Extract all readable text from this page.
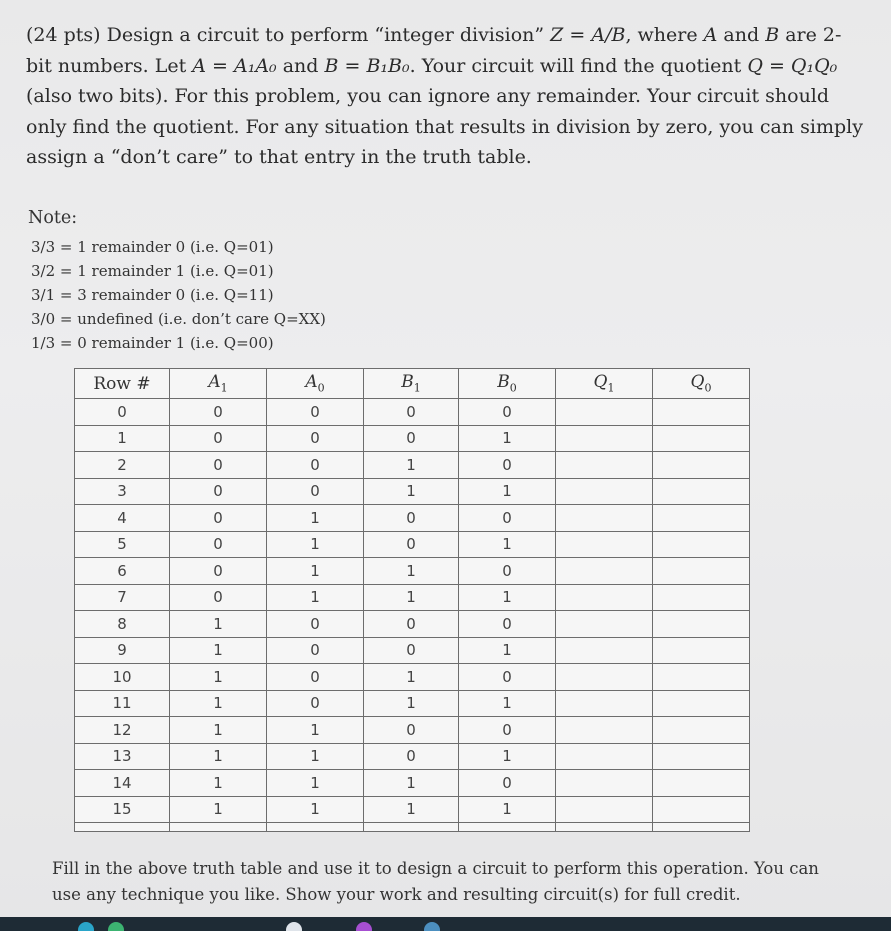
(24 pts) Design a circuit to perform “integer division” Z = A/B, where A and B are 2-bit numbers. Let A = A₁A₀ and B = B₁B₀. Your circuit will find the quotient Q = Q₁Q₀ (also two bits). For this problem, you can ignore any remainder. Your circuit should only find the quotient. For any situation that results in division by zero, you can simply assign a “don’t care” to that entry in the truth table.
Note:
3/3 = 1 remainder 0 (i.e. Q=01)
3/2 = 1 remainder 1 (i.e. Q=01)
3/1 = 3 remainder 0 (i.e. Q=11)
3/0 = undefined (i.e. don’t care Q=XX)
1/3 = 0 remainder 1 (i.e. Q=00)
Row #	$A_1$	$A_0$	$B_1$	$B_0$	$Q_1$	$Q_0$
0	0	0	0	0		
1	0	0	0	1		
2	0	0	1	0		
3	0	0	1	1		
4	0	1	0	0		
5	0	1	0	1		
6	0	1	1	0		
7	0	1	1	1		
8	1	0	0	0		
9	1	0	0	1		
10	1	0	1	0		
11	1	0	1	1		
12	1	1	0	0		
13	1	1	0	1		
14	1	1	1	0		
15	1	1	1	1		

Fill in the above truth table and use it to design a circuit to perform this operation. You can use any technique you like. Show your work and resulting circuit(s) for full credit.
